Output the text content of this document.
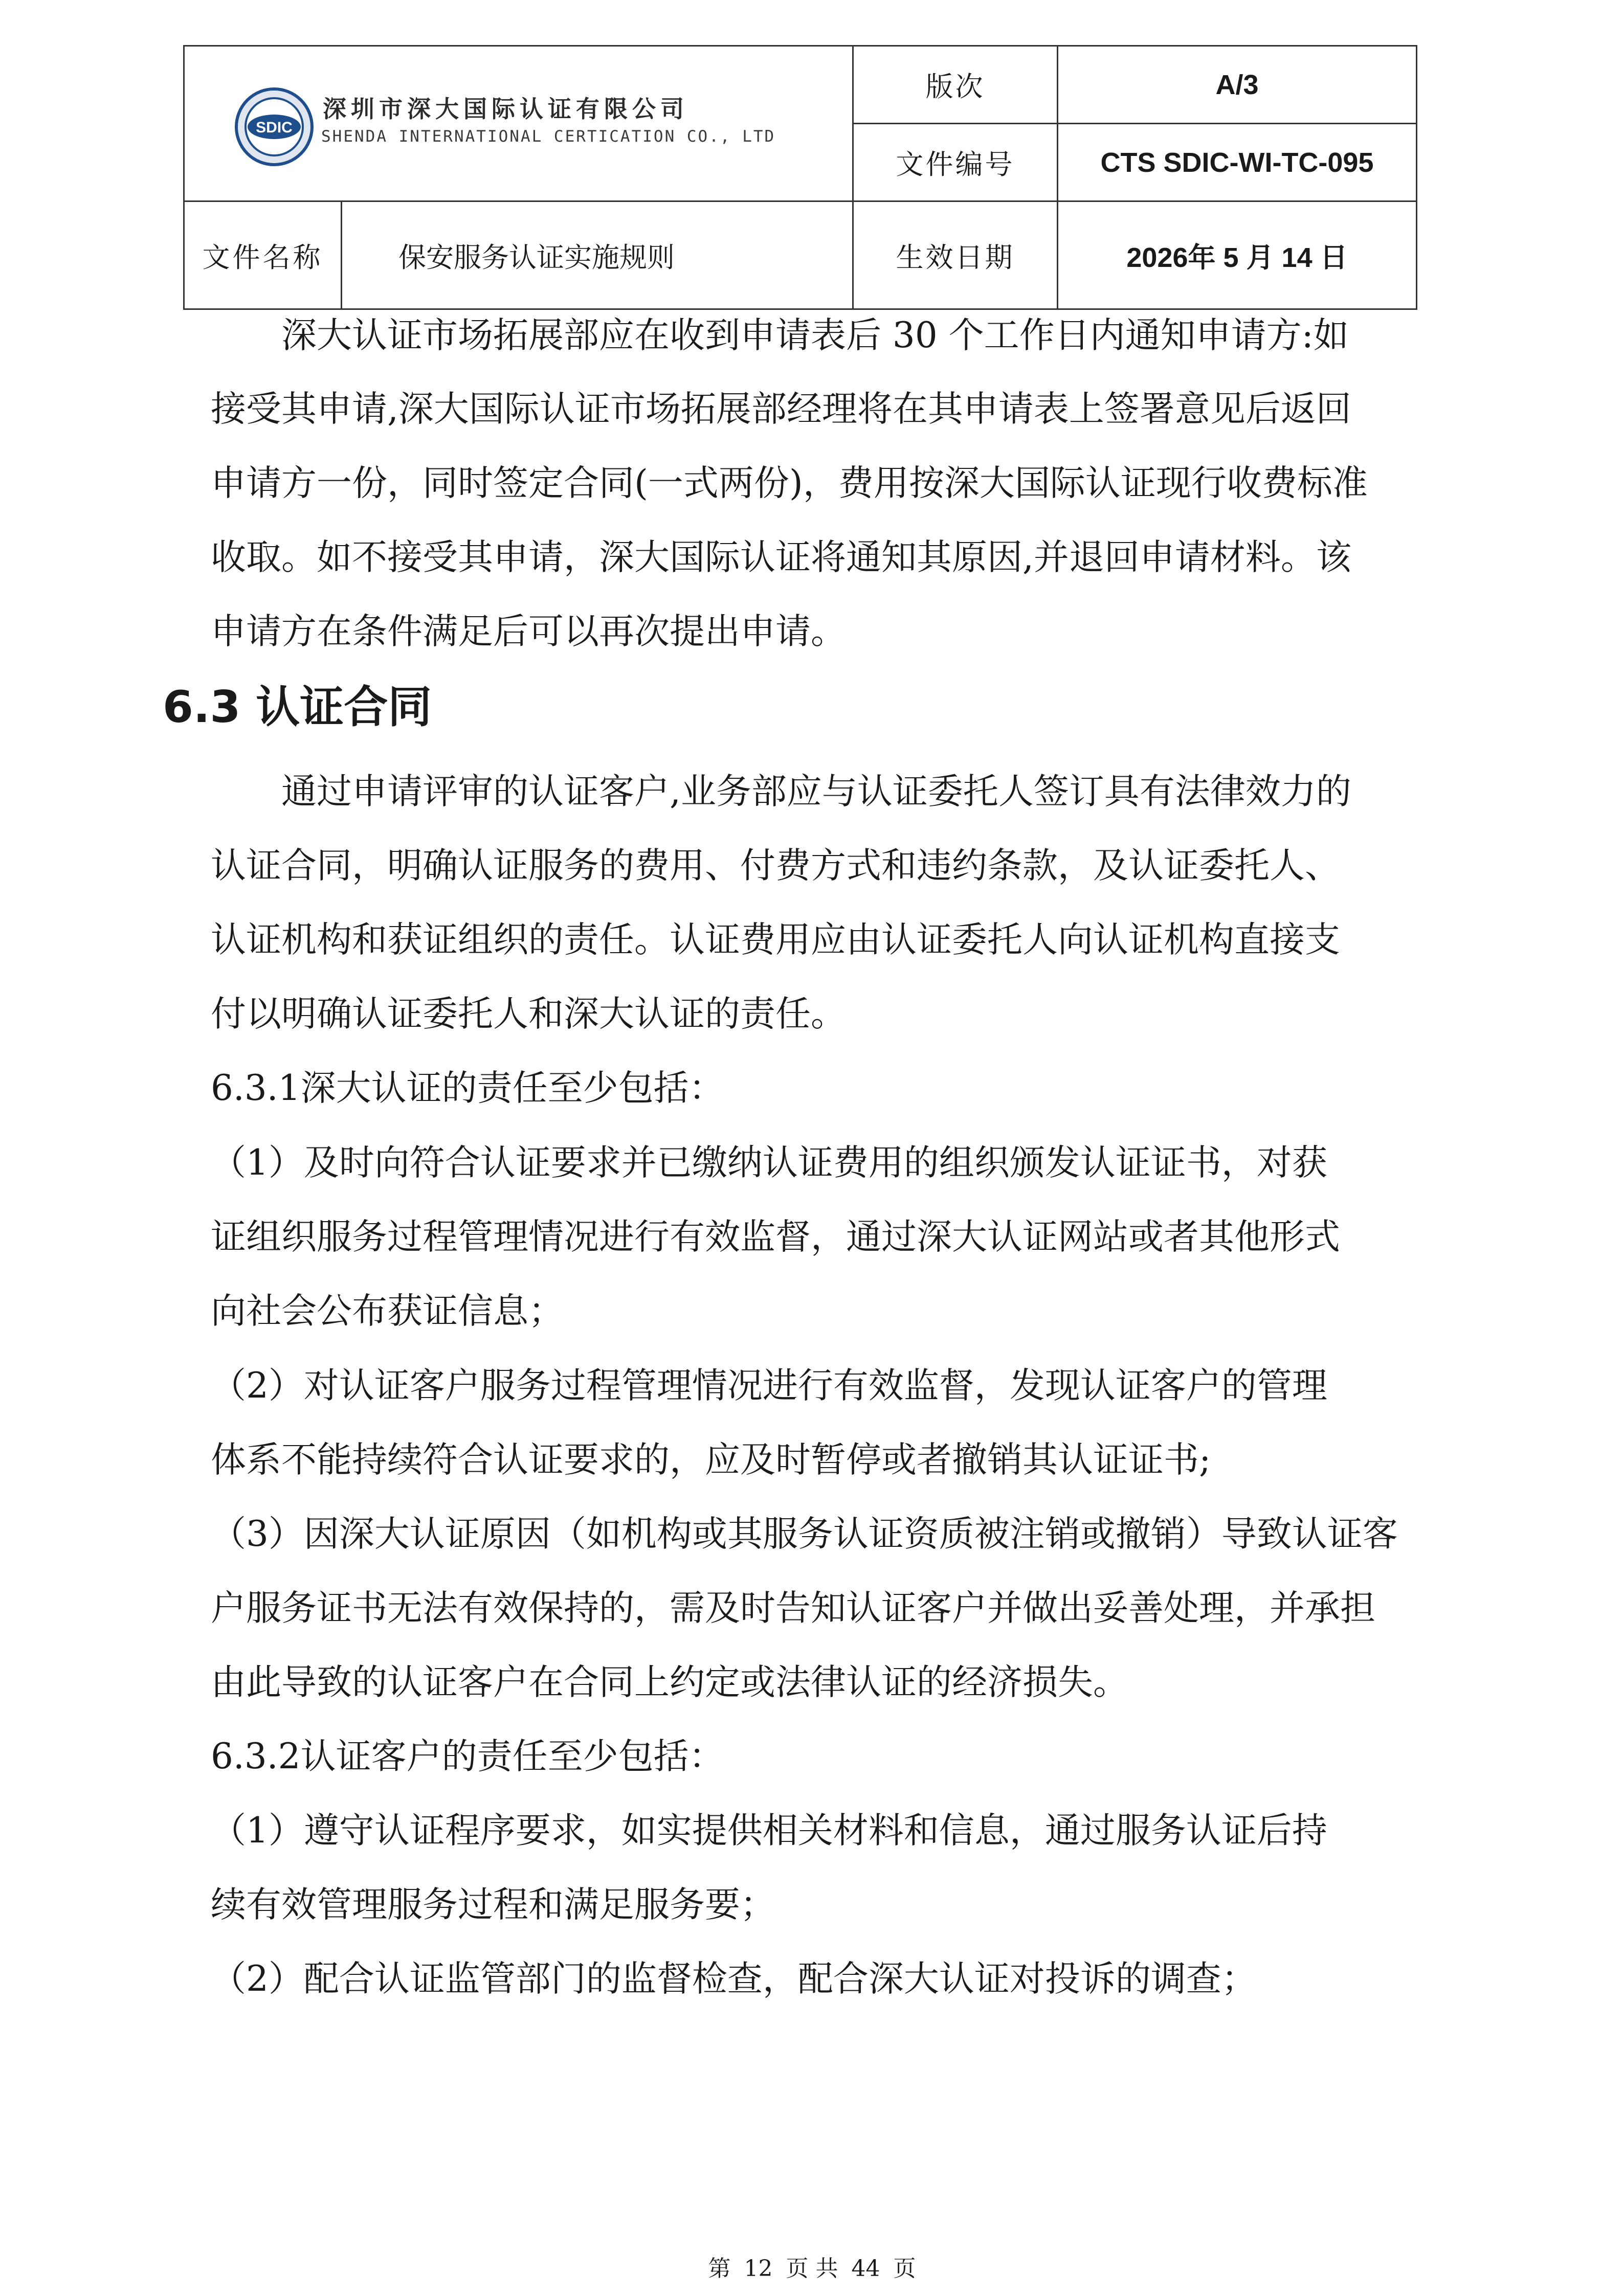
SDIC
深圳市深大国际认证有限公司
SHENDA INTERNATIONAL CERTICATION CO., LTD		版次	A/3
		文件编号	CTS SDIC-WI-TC-095
文件名称	保安服务认证实施规则	生效日期	2026年 5 月 14 日
深大认证市场拓展部应在收到申请表后 30 个工作日内通知申请方:如
接受其申请,深大国际认证市场拓展部经理将在其申请表上签署意见后返回
申请方一份，同时签定合同(一式两份)，费用按深大国际认证现行收费标准
收取。如不接受其申请，深大国际认证将通知其原因,并退回申请材料。该
申请方在条件满足后可以再次提出申请。
6.3 认证合同
通过申请评审的认证客户,业务部应与认证委托人签订具有法律效力的
认证合同，明确认证服务的费用、付费方式和违约条款，及认证委托人、
认证机构和获证组织的责任。认证费用应由认证委托人向认证机构直接支
付以明确认证委托人和深大认证的责任。
6.3.1深大认证的责任至少包括：
（1）及时向符合认证要求并已缴纳认证费用的组织颁发认证证书，对获
证组织服务过程管理情况进行有效监督，通过深大认证网站或者其他形式
向社会公布获证信息；
（2）对认证客户服务过程管理情况进行有效监督，发现认证客户的管理
体系不能持续符合认证要求的，应及时暂停或者撤销其认证证书;
（3）因深大认证原因（如机构或其服务认证资质被注销或撤销）导致认证客
户服务证书无法有效保持的，需及时告知认证客户并做出妥善处理，并承担
由此导致的认证客户在合同上约定或法律认证的经济损失。
6.3.2认证客户的责任至少包括：
（1）遵守认证程序要求，如实提供相关材料和信息，通过服务认证后持
续有效管理服务过程和满足服务要；
（2）配合认证监管部门的监督检查，配合深大认证对投诉的调查；
第 12 页 共 44 页
